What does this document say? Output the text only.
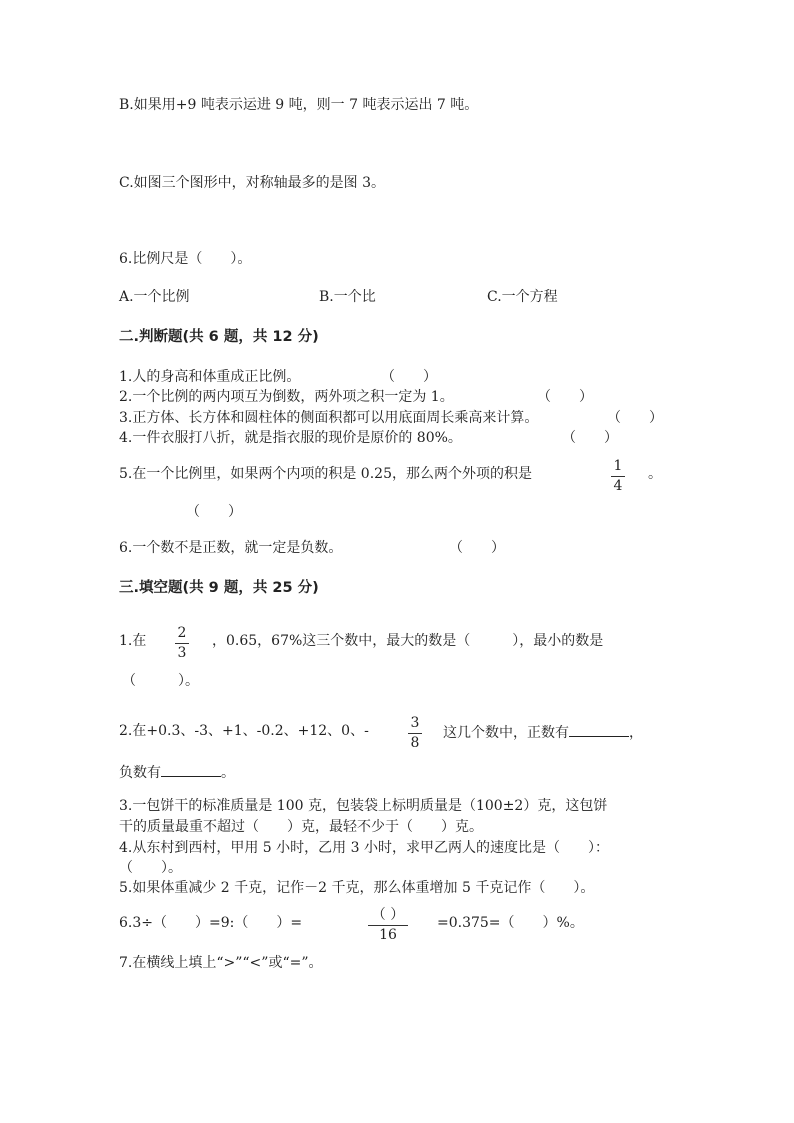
B.如果用+9 吨表示运进 9 吨，则一 7 吨表示运出 7 吨。
C.如图三个图形中，对称轴最多的是图 3。
6.比例尺是（　　）。
A.一个比例	B.一个比	C.一个方程
二.判断题(共 6 题，共 12 分)
1.人的身高和体重成正比例。	（　　）
2.一个比例的两内项互为倒数，两外项之积一定为 1。	（　　）
3.正方体、长方体和圆柱体的侧面积都可以用底面周长乘高来计算。	（　　）
4.一件衣服打八折，就是指衣服的现价是原价的 80%。	（　　）
5.在一个比例里，如果两个内项的积是 0.25，那么两个外项的积是	1
4
。
（　　）
6.一个数不是正数，就一定是负数。	（　　）
三.填空题(共 9 题，共 25 分)
1.在	2
3
，0.65，67%这三个数中，最大的数是（　　　），最小的数是
（　　　）。
2.在+0.3、-3、+1、-0.2、+12、0、-	3
8
这几个数中，正数有	，
负数有	。
3.一包饼干的标准质量是 100 克，包装袋上标明质量是（100±2）克，这包饼
干的质量最重不超过（　　）克，最轻不少于（　　）克。
4.从东村到西村，甲用 5 小时，乙用 3 小时，求甲乙两人的速度比是（　　）：
（　　）。
5.如果体重减少 2 千克，记作－2 千克，那么体重增加 5 千克记作（　　）。
6.3÷（　　）=9:（　　）=	（ ）
16
=0.375=（　　）%。
7.在横线上填上“>”“<”或“=”。
